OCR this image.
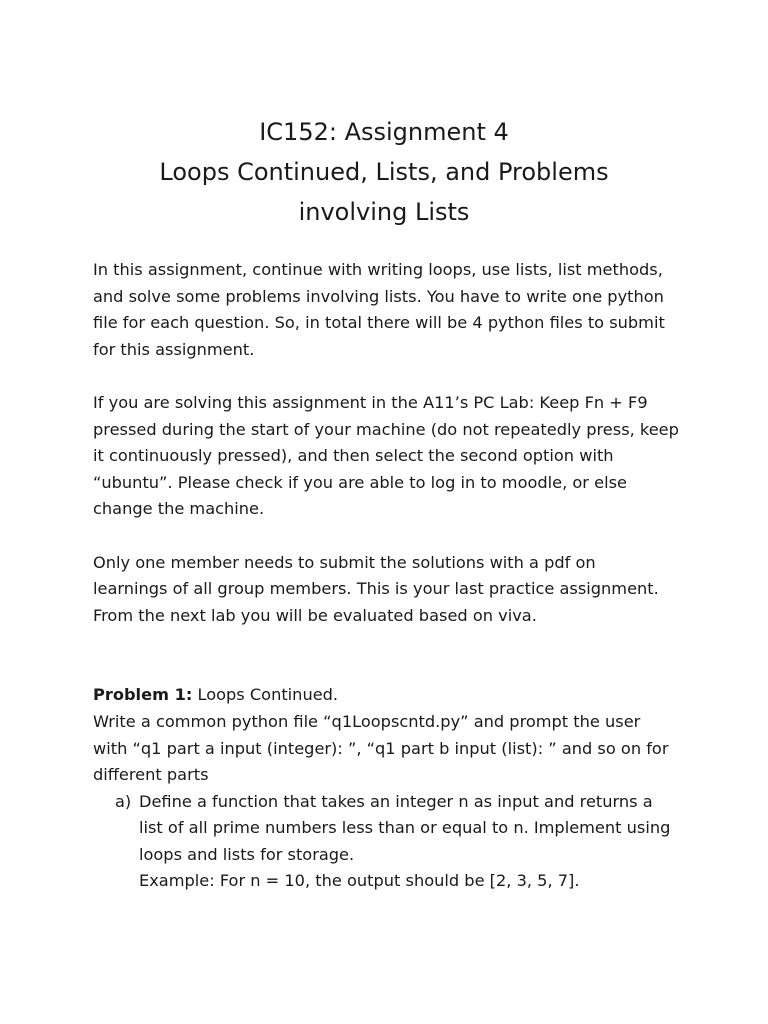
IC152: Assignment 4
Loops Continued, Lists, and Problems
involving Lists

In this assignment, continue with writing loops, use lists, list methods,
and solve some problems involving lists. You have to write one python
file for each question. So, in total there will be 4 python files to submit
for this assignment.

If you are solving this assignment in the A11’s PC Lab: Keep Fn + F9
pressed during the start of your machine (do not repeatedly press, keep
it continuously pressed), and then select the second option with
“ubuntu”. Please check if you are able to log in to moodle, or else
change the machine.

Only one member needs to submit the solutions with a pdf on
learnings of all group members. This is your last practice assignment.
From the next lab you will be evaluated based on viva.

Problem 1: Loops Continued.

Write a common python file “q1Loopscntd.py” and prompt the user
with “q1 part a input (integer): ”, “q1 part b input (list): ” and so on for
different parts

a) Define a function that takes an integer n as input and returns a
list of all prime numbers less than or equal to n. Implement using
loops and lists for storage.
Example: For n = 10, the output should be [2, 3, 5, 7].
